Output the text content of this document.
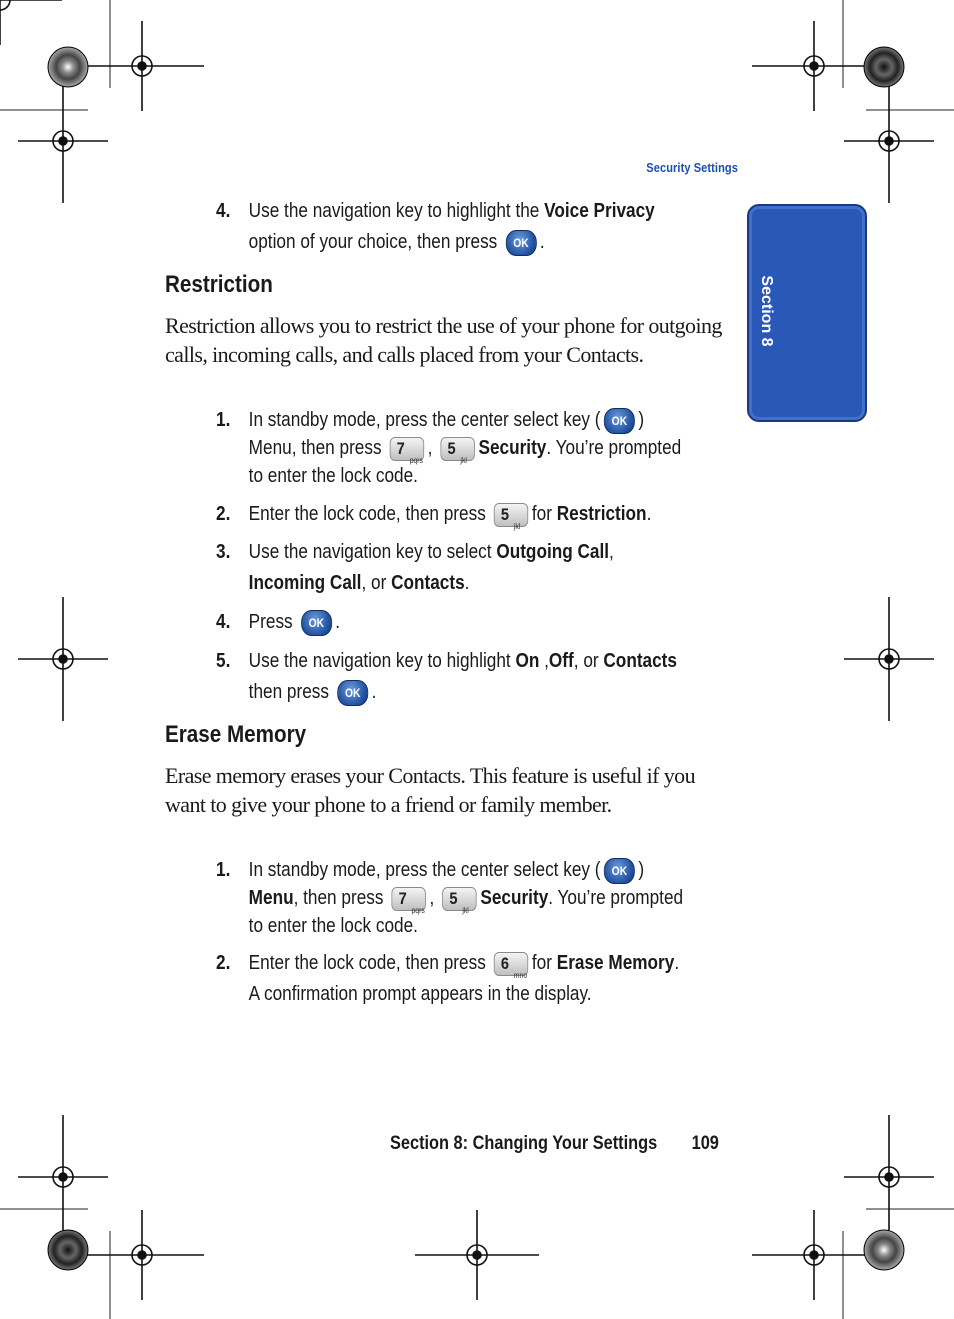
Security Settings
Section 8
4. Use the navigation key to highlight the Voice Privacy
option of your choice, then press OK .
Restriction
Restriction allows you to restrict the use of your phone for outgoing calls, incoming calls, and calls placed from your Contacts.
1. In standby mode, press the center select key ( OK )
Menu, then press 7
pqrs
, 5
jkl
Security. You’re prompted
to enter the lock code.
2. Enter the lock code, then press 5
jkl
for Restriction.
3. Use the navigation key to select Outgoing Call,
Incoming Call, or Contacts.
4. Press OK .
5. Use the navigation key to highlight On ,Off, or Contacts
then press OK .
Erase Memory
Erase memory erases your Contacts. This feature is useful if you want to give your phone to a friend or family member.
1. In standby mode, press the center select key ( OK )
Menu, then press 7
pqrs
, 5
jkl
Security. You’re prompted
to enter the lock code.
2. Enter the lock code, then press 6
mno
for Erase Memory.
A confirmation prompt appears in the display.
Section 8: Changing Your Settings 109
